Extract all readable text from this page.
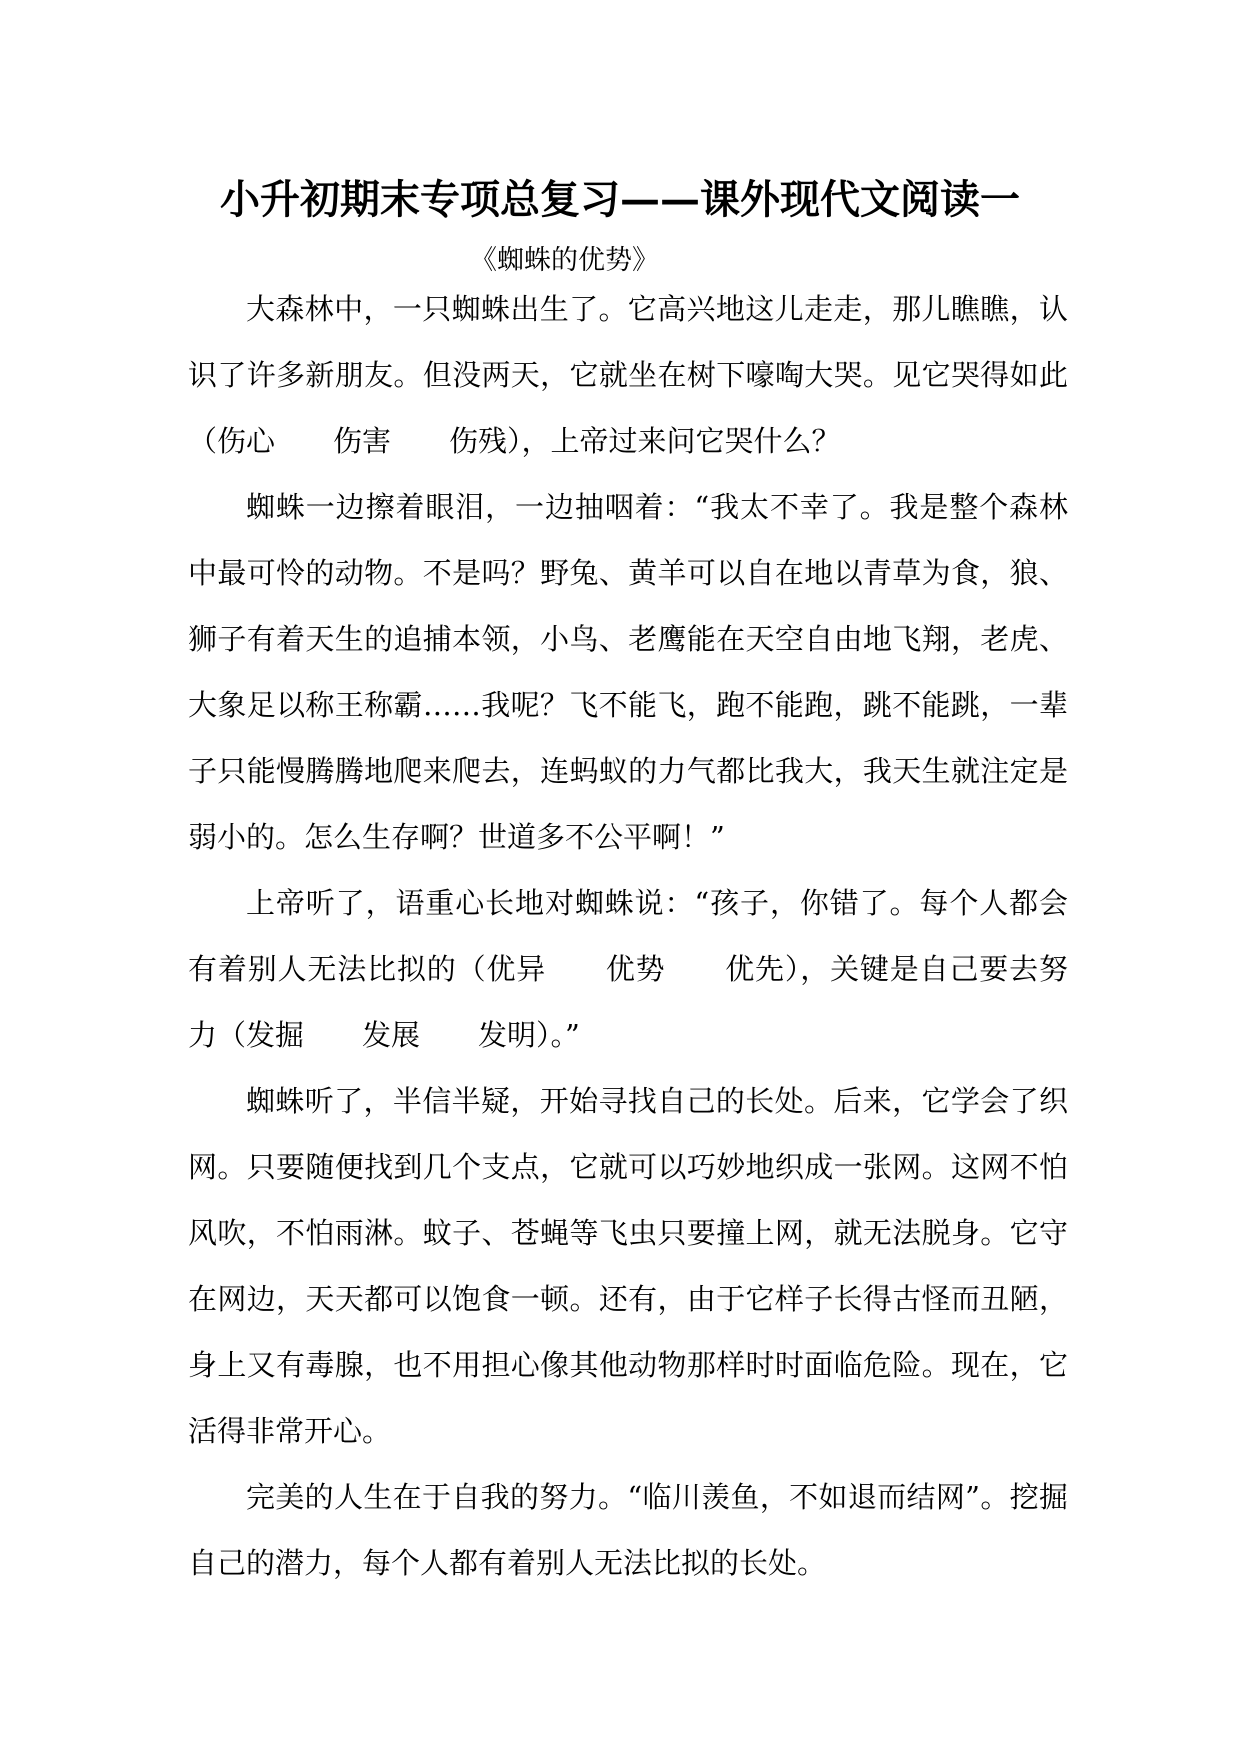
小升初期末专项总复习——课外现代文阅读一
《蜘蛛的优势》

大森林中，一只蜘蛛出生了。它高兴地这儿走走，那儿瞧瞧，认识了许多新朋友。但没两天，它就坐在树下嚎啕大哭。见它哭得如此（伤心　　伤害　　伤残），上帝过来问它哭什么？

蜘蛛一边擦着眼泪，一边抽咽着：“我太不幸了。我是整个森林中最可怜的动物。不是吗？野兔、黄羊可以自在地以青草为食，狼、狮子有着天生的追捕本领，小鸟、老鹰能在天空自由地飞翔，老虎、大象足以称王称霸……我呢？飞不能飞，跑不能跑，跳不能跳，一辈子只能慢腾腾地爬来爬去，连蚂蚁的力气都比我大，我天生就注定是弱小的。怎么生存啊？世道多不公平啊！”

上帝听了，语重心长地对蜘蛛说：“孩子，你错了。每个人都会有着别人无法比拟的（优异　　优势　　优先），关键是自己要去努力（发掘　　发展　　发明）。”

蜘蛛听了，半信半疑，开始寻找自己的长处。后来，它学会了织网。只要随便找到几个支点，它就可以巧妙地织成一张网。这网不怕风吹，不怕雨淋。蚊子、苍蝇等飞虫只要撞上网，就无法脱身。它守在网边，天天都可以饱食一顿。还有，由于它样子长得古怪而丑陋，身上又有毒腺，也不用担心像其他动物那样时时面临危险。现在，它活得非常开心。

完美的人生在于自我的努力。“临川羡鱼，不如退而结网”。挖掘自己的潜力，每个人都有着别人无法比拟的长处。
